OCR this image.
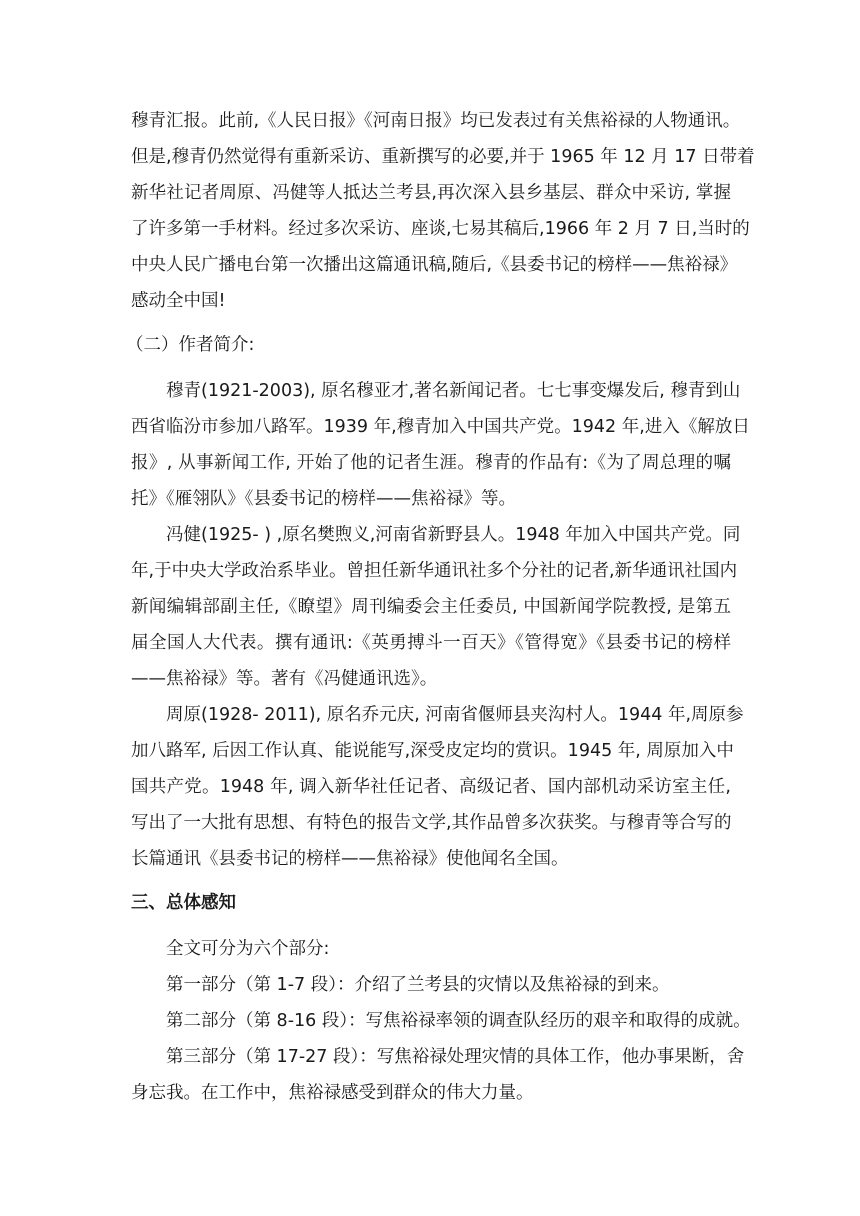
穆青汇报。此前,《人民日报》《河南日报》均已发表过有关焦裕禄的人物通讯。
但是,穆青仍然觉得有重新采访、重新撰写的必要,并于 1965 年 12 月 17 日带着
新华社记者周原、冯健等人抵达兰考县,再次深入县乡基层、群众中采访, 掌握
了许多第一手材料。经过多次采访、座谈,七易其稿后,1966 年 2 月 7 日,当时的
中央人民广播电台第一次播出这篇通讯稿,随后,《县委书记的榜样——焦裕禄》
感动全中国!
（二）作者简介:
穆青(1921-2003), 原名穆亚才,著名新闻记者。七七事变爆发后, 穆青到山
西省临汾市参加八路军。1939 年,穆青加入中国共产党。1942 年,进入《解放日
报》, 从事新闻工作, 开始了他的记者生涯。穆青的作品有:《为了周总理的嘱
托》《雁翎队》《县委书记的榜样——焦裕禄》等。
冯健(1925- ) ,原名樊煦义,河南省新野县人。1948 年加入中国共产党。同
年,于中央大学政治系毕业。曾担任新华通讯社多个分社的记者,新华通讯社国内
新闻编辑部副主任,《瞭望》周刊编委会主任委员, 中国新闻学院教授, 是第五
届全国人大代表。撰有通讯:《英勇搏斗一百天》《管得宽》《县委书记的榜样
——焦裕禄》等。著有《冯健通讯选》。
周原(1928- 2011), 原名乔元庆, 河南省偃师县夹沟村人。1944 年,周原参
加八路军, 后因工作认真、能说能写,深受皮定均的赏识。1945 年, 周原加入中
国共产党。1948 年, 调入新华社任记者、高级记者、国内部机动采访室主任,
写出了一大批有思想、有特色的报告文学,其作品曾多次获奖。与穆青等合写的
长篇通讯《县委书记的榜样——焦裕禄》使他闻名全国。
三、总体感知
全文可分为六个部分:
第一部分（第 1-7 段）：介绍了兰考县的灾情以及焦裕禄的到来。
第二部分（第 8-16 段）：写焦裕禄率领的调查队经历的艰辛和取得的成就。
第三部分（第 17-27 段）：写焦裕禄处理灾情的具体工作，他办事果断，舍
身忘我。在工作中，焦裕禄感受到群众的伟大力量。
